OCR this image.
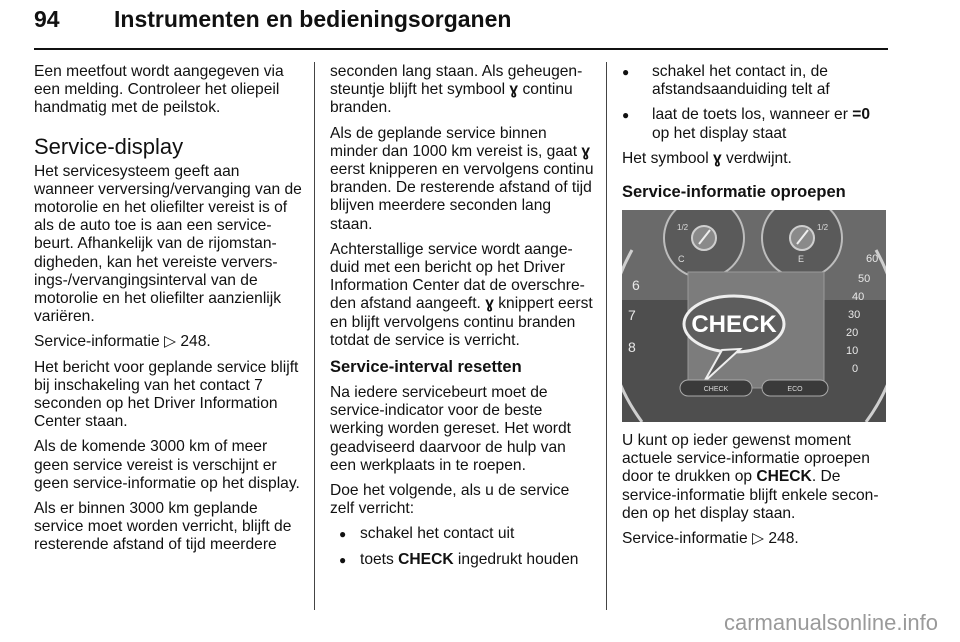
94 Instrumenten en bedieningsorganen

Een meetfout wordt aangegeven via een melding. Controleer het oliepeil handmatig met de peilstok.

Service-display

Het servicesysteem geeft aan wanneer verversing/vervanging van de motorolie en het oliefilter vereist is of als de auto toe is aan een servicebeurt. Afhankelijk van de rijomstandigheden, kan het vereiste verversings-/vervangingsinterval van de motorolie en het oliefilter aanzienlijk variëren.

Service-informatie ▷ 248.

Het bericht voor geplande service blijft bij inschakeling van het contact 7 seconden op het Driver Information Center staan.

Als de komende 3000 km of meer geen service vereist is verschijnt er geen service-informatie op het display.

Als er binnen 3000 km geplande service moet worden verricht, blijft de resterende afstand of tijd meerdere

seconden lang staan. Als geheugensteuntje blijft het symbool ɣ continu branden.

Als de geplande service binnen minder dan 1000 km vereist is, gaat ɣ eerst knipperen en vervolgens continu branden. De resterende afstand of tijd blijven meerdere seconden lang staan.

Achterstallige service wordt aangeduid met een bericht op het Driver Information Center dat de overschreden afstand aangeeft. ɣ knippert eerst en blijft vervolgens continu branden totdat de service is verricht.

Service-interval resetten

Na iedere servicebeurt moet de service-indicator voor de beste werking worden gereset. Het wordt geadviseerd daarvoor de hulp van een werkplaats in te roepen.

Doe het volgende, als u de service zelf verricht:

● schakel het contact uit
● toets CHECK ingedrukt houden
● schakel het contact in, de afstandsaanduiding telt af
● laat de toets los, wanneer er =0 op het display staat

Het symbool ɣ verdwijnt.

Service-informatie oproepen
1/2
C
1/2
E
6
7
8
60
50
40
30
20
10
0
CHECK
CHECK	ECO

U kunt op ieder gewenst moment actuele service-informatie oproepen door te drukken op CHECK. De service-informatie blijft enkele seconden op het display staan.

Service-informatie ▷ 248.

carmanualsonline.info
